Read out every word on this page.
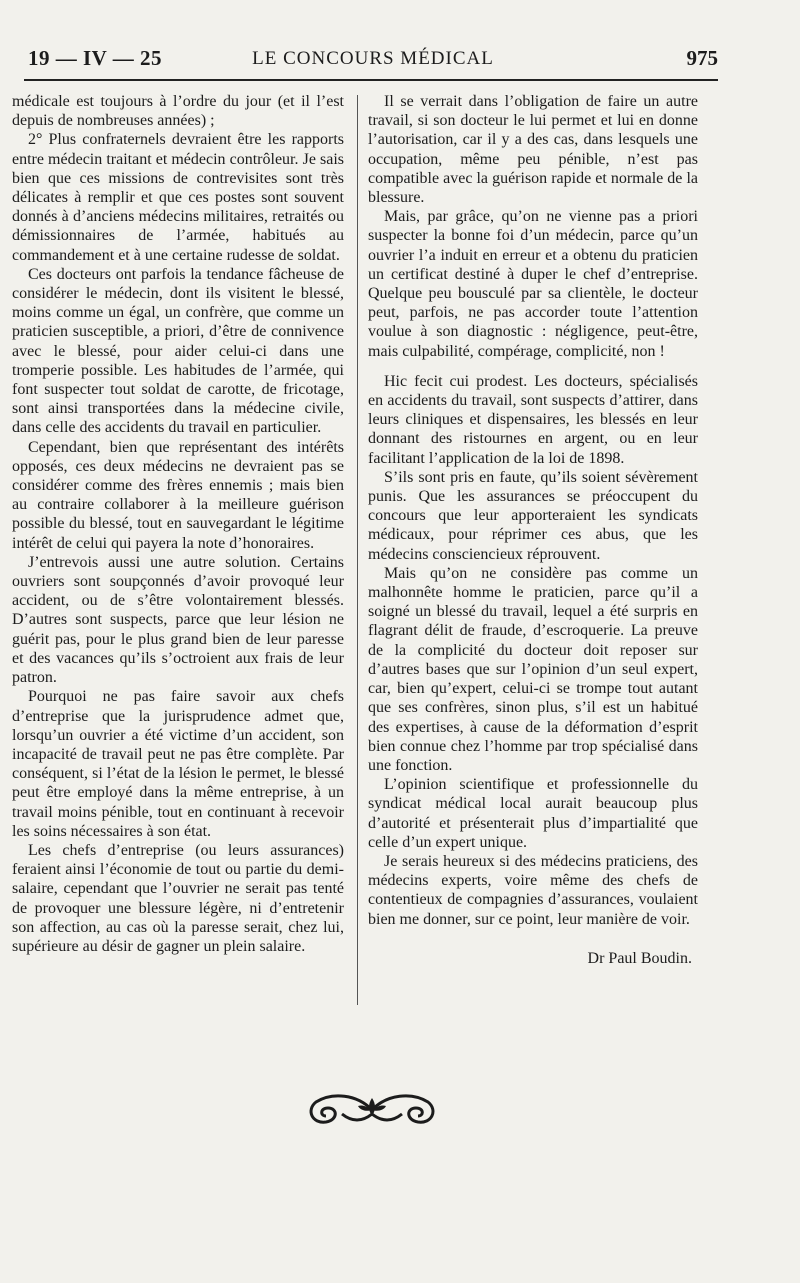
19 — IV — 25	LE CONCOURS MÉDICAL	975

médicale est toujours à l’ordre du jour (et il l’est depuis de nombreuses années) ;

2° Plus confraternels devraient être les rapports entre médecin traitant et médecin contrôleur. Je sais bien que ces missions de contrevisites sont très délicates à remplir et que ces postes sont souvent donnés à d’anciens médecins militaires, retraités ou démissionnaires de l’armée, habitués au commandement et à une certaine rudesse de soldat.

Ces docteurs ont parfois la tendance fâcheuse de considérer le médecin, dont ils visitent le blessé, moins comme un égal, un confrère, que comme un praticien susceptible, a priori, d’être de connivence avec le blessé, pour aider celui-ci dans une tromperie possible. Les habitudes de l’armée, qui font suspecter tout soldat de carotte, de fricotage, sont ainsi transportées dans la médecine civile, dans celle des accidents du travail en particulier.

Cependant, bien que représentant des intérêts opposés, ces deux médecins ne devraient pas se considérer comme des frères ennemis ; mais bien au contraire collaborer à la meilleure guérison possible du blessé, tout en sauvegardant le légitime intérêt de celui qui payera la note d’honoraires.

J’entrevois aussi une autre solution. Certains ouvriers sont soupçonnés d’avoir provoqué leur accident, ou de s’être volontairement blessés. D’autres sont suspects, parce que leur lésion ne guérit pas, pour le plus grand bien de leur paresse et des vacances qu’ils s’octroient aux frais de leur patron.

Pourquoi ne pas faire savoir aux chefs d’entreprise que la jurisprudence admet que, lorsqu’un ouvrier a été victime d’un accident, son incapacité de travail peut ne pas être complète. Par conséquent, si l’état de la lésion le permet, le blessé peut être employé dans la même entreprise, à un travail moins pénible, tout en continuant à recevoir les soins nécessaires à son état.

Les chefs d’entreprise (ou leurs assurances) feraient ainsi l’économie de tout ou partie du demi-salaire, cependant que l’ouvrier ne serait pas tenté de provoquer une blessure légère, ni d’entretenir son affection, au cas où la paresse serait, chez lui, supérieure au désir de gagner un plein salaire.

Il se verrait dans l’obligation de faire un autre travail, si son docteur le lui permet et lui en donne l’autorisation, car il y a des cas, dans lesquels une occupation, même peu pénible, n’est pas compatible avec la guérison rapide et normale de la blessure.

Mais, par grâce, qu’on ne vienne pas a priori suspecter la bonne foi d’un médecin, parce qu’un ouvrier l’a induit en erreur et a obtenu du praticien un certificat destiné à duper le chef d’entreprise. Quelque peu bousculé par sa clientèle, le docteur peut, parfois, ne pas accorder toute l’attention voulue à son diagnostic : négligence, peut-être, mais culpabilité, compérage, complicité, non !

Hic fecit cui prodest. Les docteurs, spécialisés en accidents du travail, sont suspects d’attirer, dans leurs cliniques et dispensaires, les blessés en leur donnant des ristournes en argent, ou en leur facilitant l’application de la loi de 1898.

S’ils sont pris en faute, qu’ils soient sévèrement punis. Que les assurances se préoccupent du concours que leur apporteraient les syndicats médicaux, pour réprimer ces abus, que les médecins consciencieux réprouvent.

Mais qu’on ne considère pas comme un malhonnête homme le praticien, parce qu’il a soigné un blessé du travail, lequel a été surpris en flagrant délit de fraude, d’escroquerie. La preuve de la complicité du docteur doit reposer sur d’autres bases que sur l’opinion d’un seul expert, car, bien qu’expert, celui-ci se trompe tout autant que ses confrères, sinon plus, s’il est un habitué des expertises, à cause de la déformation d’esprit bien connue chez l’homme par trop spécialisé dans une fonction.

L’opinion scientifique et professionnelle du syndicat médical local aurait beaucoup plus d’autorité et présenterait plus d’impartialité que celle d’un expert unique.

Je serais heureux si des médecins praticiens, des médecins experts, voire même des chefs de contentieux de compagnies d’assurances, voulaient bien me donner, sur ce point, leur manière de voir.

Dr Paul Boudin.
